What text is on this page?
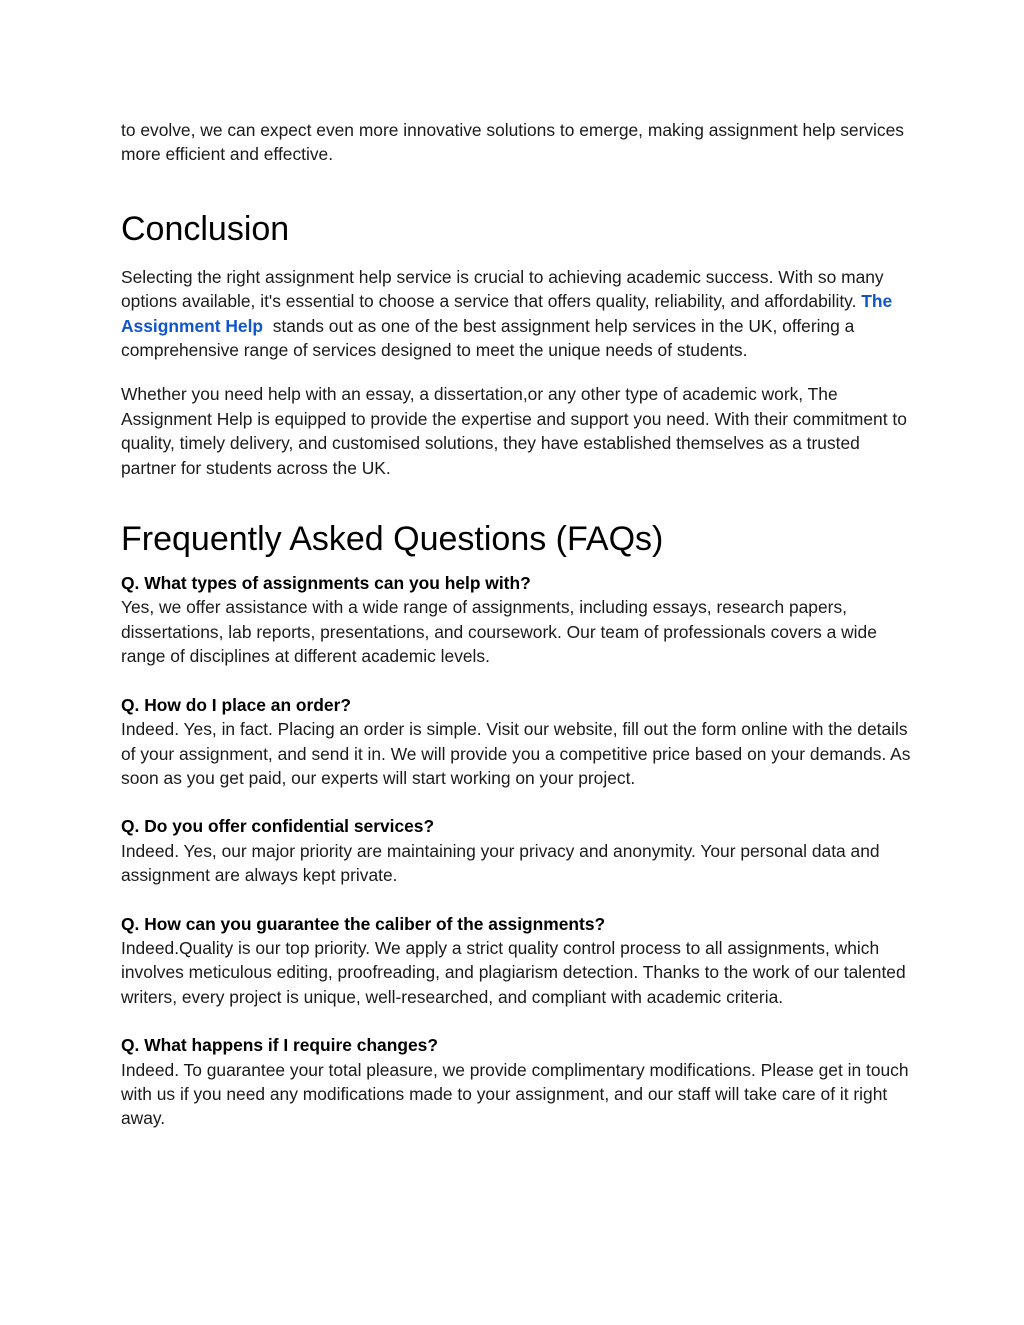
to evolve, we can expect even more innovative solutions to emerge, making assignment help services more efficient and effective.

Conclusion

Selecting the right assignment help service is crucial to achieving academic success. With so many options available, it's essential to choose a service that offers quality, reliability, and affordability. The Assignment Help  stands out as one of the best assignment help services in the UK, offering a comprehensive range of services designed to meet the unique needs of students.

Whether you need help with an essay, a dissertation,or any other type of academic work, The Assignment Help is equipped to provide the expertise and support you need. With their commitment to quality, timely delivery, and customised solutions, they have established themselves as a trusted partner for students across the UK.

Frequently Asked Questions (FAQs)

Q. What types of assignments can you help with?

Yes, we offer assistance with a wide range of assignments, including essays, research papers, dissertations, lab reports, presentations, and coursework. Our team of professionals covers a wide range of disciplines at different academic levels.

Q. How do I place an order?

Indeed. Yes, in fact. Placing an order is simple. Visit our website, fill out the form online with the details of your assignment, and send it in. We will provide you a competitive price based on your demands. As soon as you get paid, our experts will start working on your project.

Q. Do you offer confidential services?

Indeed. Yes, our major priority are maintaining your privacy and anonymity. Your personal data and assignment are always kept private.

Q. How can you guarantee the caliber of the assignments?

Indeed.Quality is our top priority. We apply a strict quality control process to all assignments, which involves meticulous editing, proofreading, and plagiarism detection. Thanks to the work of our talented writers, every project is unique, well-researched, and compliant with academic criteria.

Q. What happens if I require changes?

Indeed. To guarantee your total pleasure, we provide complimentary modifications. Please get in touch with us if you need any modifications made to your assignment, and our staff will take care of it right away.
